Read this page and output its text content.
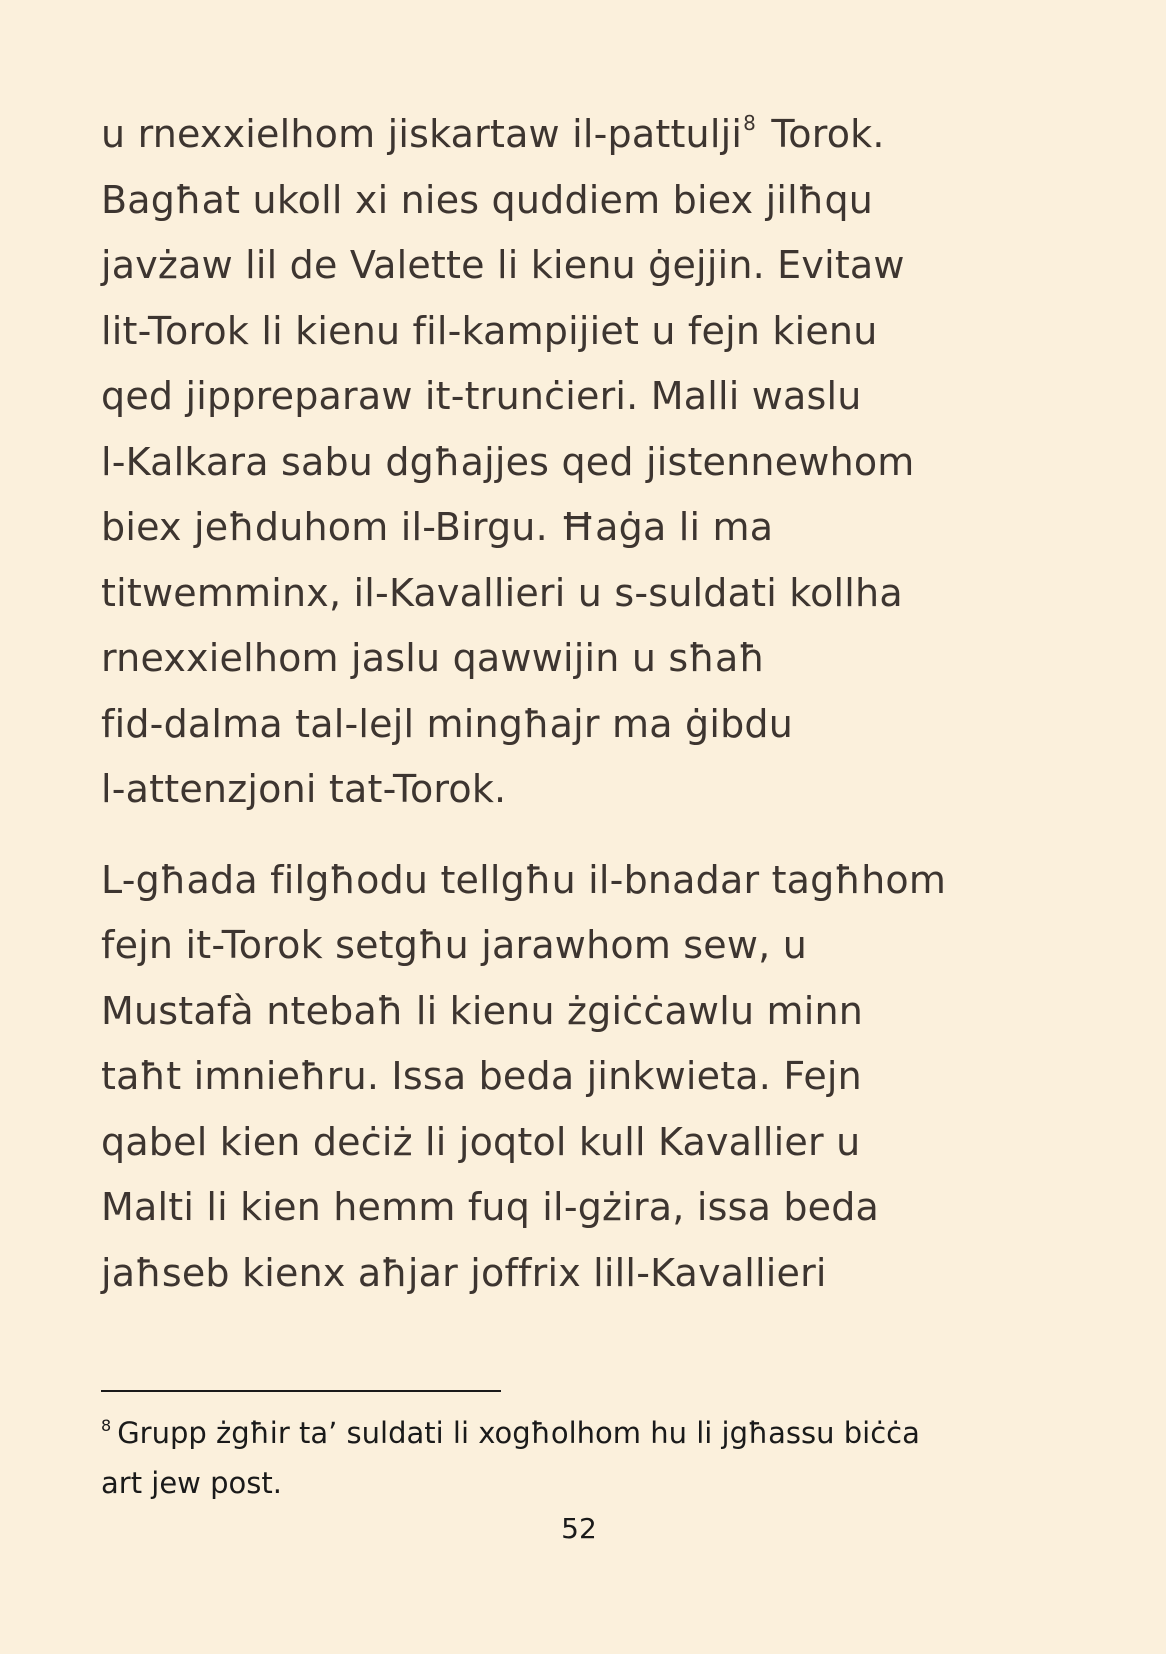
u rnexxielhom jiskartaw il-pattulji$^8$ Torok.
Bagħat ukoll xi nies quddiem biex jilħqu
javżaw lil de Valette li kienu ġejjin. Evitaw
lit-Torok li kienu fil-kampijiet u fejn kienu
qed jippreparaw it-trunċieri. Malli waslu
l-Kalkara sabu dgħajjes qed jistennewhom
biex jeħduhom il-Birgu. Ħaġa li ma
titwemminx, il-Kavallieri u s-suldati kollha
rnexxielhom jaslu qawwijin u sħaħ
fid-dalma tal-lejl mingħajr ma ġibdu
l-attenzjoni tat-Torok.
L-għada filgħodu tellgħu il-bnadar tagħhom
fejn it-Torok setgħu jarawhom sew, u
Mustafà ntebaħ li kienu żgiċċawlu minn
taħt imnieħru. Issa beda jinkwieta. Fejn
qabel kien deċiż li joqtol kull Kavallier u
Malti li kien hemm fuq il-gżira, issa beda
jaħseb kienx aħjar joffrix lill-Kavallieri
$^8$ Grupp żgħir ta’ suldati li xogħolhom hu li jgħassu biċċa
art jew post.
52
